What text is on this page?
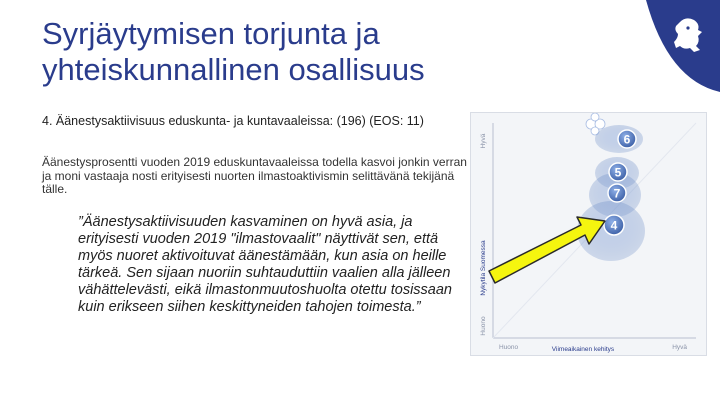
Syrjäytymisen torjunta ja
yhteiskunnallinen osallisuus
4. Äänestysaktiivisuus eduskunta- ja kuntavaaleissa: (196) (EOS: 11)
Äänestysprosentti vuoden 2019 eduskuntavaaleissa todella kasvoi jonkin verran ja moni vastaaja nosti erityisesti nuorten ilmastoaktivismin selittävänä tekijänä tälle.
”Äänestysaktiivisuuden kasvaminen on hyvä asia, ja erityisesti vuoden 2019 "ilmastovaalit" näyttivät sen, että myös nuoret aktivoituvat äänestämään, kun asia on heille tärkeä. Sen sijaan nuoriin suhtauduttiin vaalien alla jälleen vähättelevästi, eikä ilmastonmuutoshuolta otettu tosissaan kuin erikseen siihen keskittyneiden tahojen toimesta.”
6
5
7
4
Nykytila Suomessa
Hyvä
Huono
Huono	Viimeaikainen kehitys	Hyvä
